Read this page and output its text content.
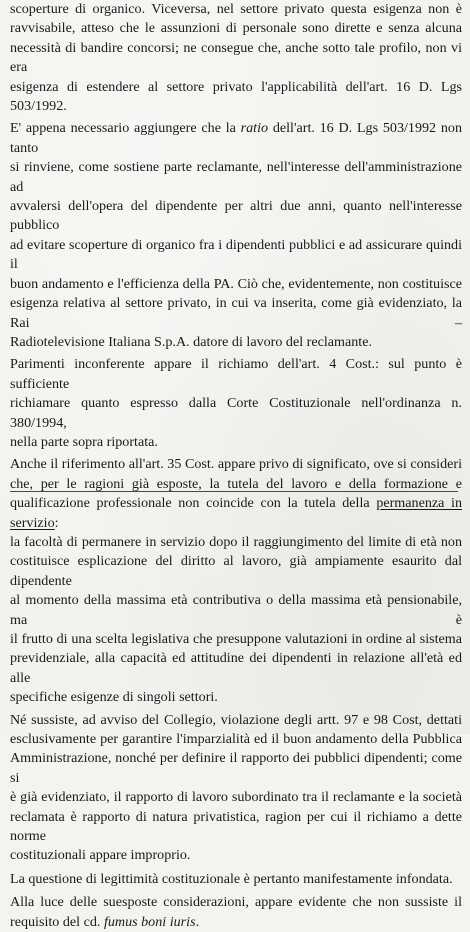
scoperture di organico. Viceversa, nel settore privato questa esigenza non è
ravvisabile, atteso che le assunzioni di personale sono dirette e senza alcuna
necessità di bandire concorsi; ne consegue che, anche sotto tale profilo, non vi era
esigenza di estendere al settore privato l'applicabilità dell'art. 16 D. Lgs 503/1992.

E' appena necessario aggiungere che la ratio dell'art. 16 D. Lgs 503/1992 non tanto
si rinviene, come sostiene parte reclamante, nell'interesse dell'amministrazione ad
avvalersi dell'opera del dipendente per altri due anni, quanto nell'interesse pubblico
ad evitare scoperture di organico fra i dipendenti pubblici e ad assicurare quindi il
buon andamento e l'efficienza della PA. Ciò che, evidentemente, non costituisce
esigenza relativa al settore privato, in cui va inserita, come già evidenziato, la Rai –
Radiotelevisione Italiana S.p.A. datore di lavoro del reclamante.

Parimenti inconferente appare il richiamo dell'art. 4 Cost.: sul punto è sufficiente
richiamare quanto espresso dalla Corte Costituzionale nell'ordinanza n. 380/1994,
nella parte sopra riportata.

Anche il riferimento all'art. 35 Cost. appare privo di significato, ove si consideri
che, per le ragioni già esposte, la tutela del lavoro e della formazione e
qualificazione professionale non coincide con la tutela della permanenza in servizio:
la facoltà di permanere in servizio dopo il raggiungimento del limite di età non
costituisce esplicazione del diritto al lavoro, già ampiamente esaurito dal dipendente
al momento della massima età contributiva o della massima età pensionabile, ma è
il frutto di una scelta legislativa che presuppone valutazioni in ordine al sistema
previdenziale, alla capacità ed attitudine dei dipendenti in relazione all'età ed alle
specifiche esigenze di singoli settori.

Né sussiste, ad avviso del Collegio, violazione degli artt. 97 e 98 Cost, dettati
esclusivamente per garantire l'imparzialità ed il buon andamento della Pubblica
Amministrazione, nonché per definire il rapporto dei pubblici dipendenti; come si
è già evidenziato, il rapporto di lavoro subordinato tra il reclamante e la società
reclamata è rapporto di natura privatistica, ragion per cui il richiamo a dette norme
costituzionali appare improprio.

La questione di legittimità costituzionale è pertanto manifestamente infondata.

Alla luce delle suesposte considerazioni, appare evidente che non sussiste il
requisito del cd. fumus boni iuris.
